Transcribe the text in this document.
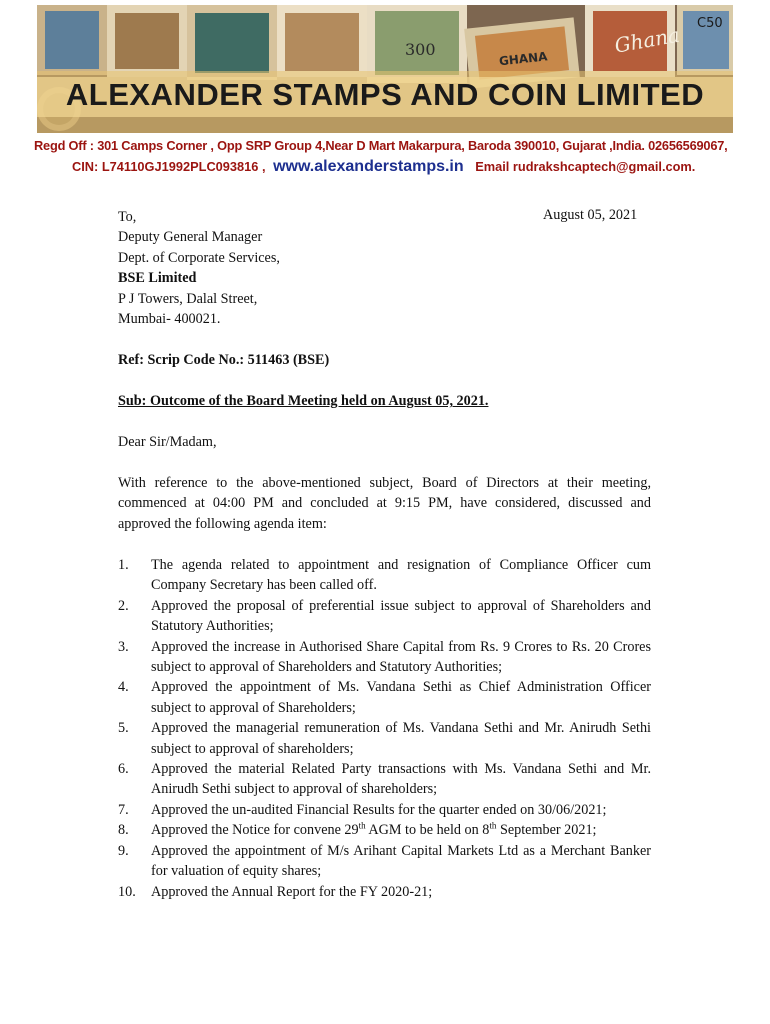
300	GHANA
Ghana C50
ALEXANDER STAMPS AND COIN LIMITED
Regd Off : 301 Camps Corner , Opp SRP Group 4,Near D Mart Makarpura, Baroda 390010, Gujarat ,India. 02656569067,
CIN: L74110GJ1992PLC093816 , www.alexanderstamps.in Email rudrakshcaptech@gmail.com.
To,
Deputy General Manager
Dept. of Corporate Services,
BSE Limited
P J Towers, Dalal Street,
Mumbai- 400021.
August 05, 2021
Ref: Scrip Code No.: 511463 (BSE)
Sub: Outcome of the Board Meeting held on August 05, 2021.
Dear Sir/Madam,
With reference to the above-mentioned subject, Board of Directors at their meeting, commenced at 04:00 PM and concluded at 9:15 PM, have considered, discussed and approved the following agenda item:
1. The agenda related to appointment and resignation of Compliance Officer cum Company Secretary has been called off.
2. Approved the proposal of preferential issue subject to approval of Shareholders and Statutory Authorities;
3. Approved the increase in Authorised Share Capital from Rs. 9 Crores to Rs. 20 Crores subject to approval of Shareholders and Statutory Authorities;
4. Approved the appointment of Ms. Vandana Sethi as Chief Administration Officer subject to approval of Shareholders;
5. Approved the managerial remuneration of Ms. Vandana Sethi and Mr. Anirudh Sethi subject to approval of shareholders;
6. Approved the material Related Party transactions with Ms. Vandana Sethi and Mr. Anirudh Sethi subject to approval of shareholders;
7. Approved the un-audited Financial Results for the quarter ended on 30/06/2021;
8. Approved the Notice for convene 29th AGM to be held on 8th September 2021;
9. Approved the appointment of M/s Arihant Capital Markets Ltd as a Merchant Banker for valuation of equity shares;
10. Approved the Annual Report for the FY 2020-21;
